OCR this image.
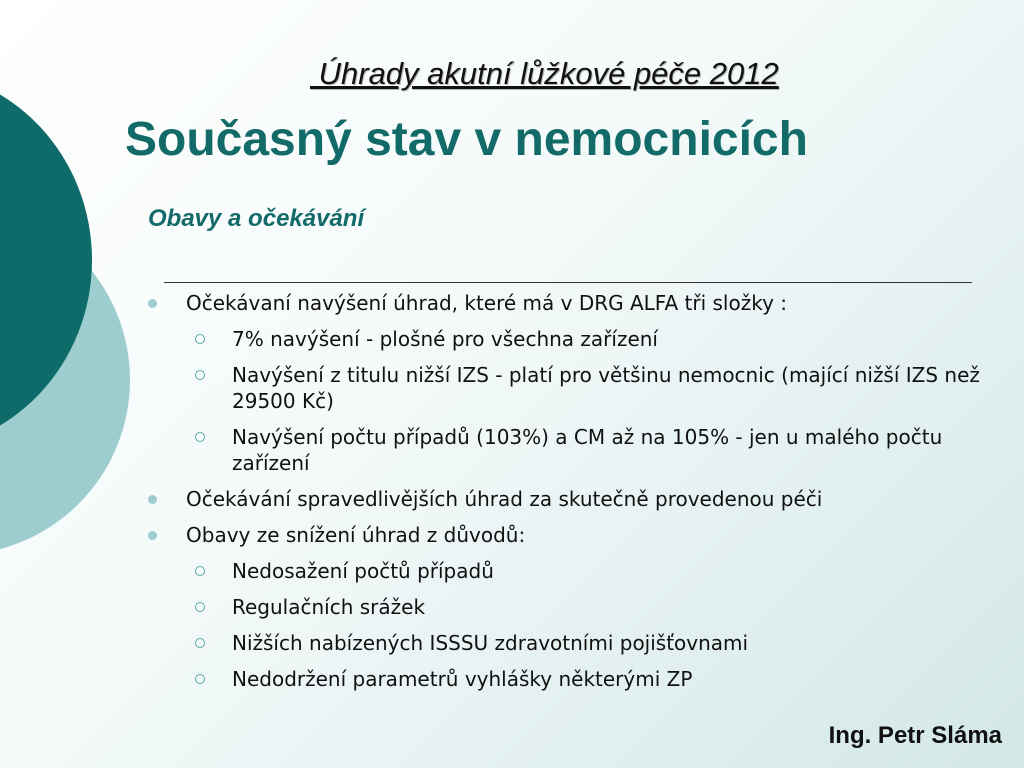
Úhrady akutní lůžkové péče 2012
Současný stav v nemocnicích
Obavy a očekávání
Očekávaní navýšení úhrad, které má v DRG ALFA tři složky :
7% navýšení - plošné pro všechna zařízení
Navýšení z titulu nižší IZS - platí pro většinu nemocnic (mající nižší IZS než 29500 Kč)
Navýšení počtu případů (103%) a CM až na 105% - jen u malého počtu zařízení
Očekávání spravedlivějších úhrad za skutečně provedenou péči
Obavy ze snížení úhrad z důvodů:
Nedosažení počtů případů
Regulačních srážek
Nižších nabízených ISSSU zdravotními pojišťovnami
Nedodržení parametrů vyhlášky některými ZP
Ing. Petr Sláma
